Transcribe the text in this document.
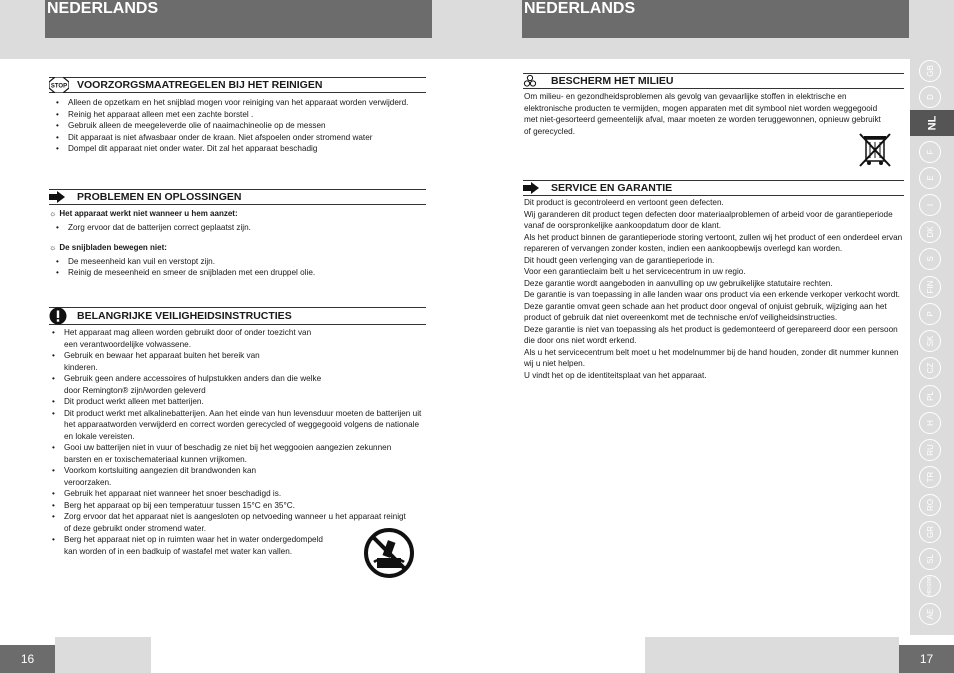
NEDERLANDS
STOP VOORZORGSMAATREGELEN BIJ HET REINIGEN
• Alleen de opzetkam en het snijblad mogen voor reiniging van het apparaat worden verwijderd.
• Reinig het apparaat alleen met een zachte borstel .
• Gebruik alleen de meegeleverde olie of naaimachineolie op de messen
• Dit apparaat is niet afwasbaar onder de kraan. Niet afspoelen onder stromend water
• Dompel dit apparaat niet onder water. Dit zal het apparaat beschadig
PROBLEMEN EN OPLOSSINGEN
☼ Het apparaat werkt niet wanneer u hem aanzet:
• Zorg ervoor dat de batterijen correct geplaatst zijn.
☼ De snijbladen bewegen niet:
• De meseenheid kan vuil en verstopt zijn.
• Reinig de meseenheid en smeer de snijbladen met een druppel olie.
BELANGRIJKE VEILIGHEIDSINSTRUCTIES
• Het apparaat mag alleen worden gebruikt door of onder toezicht van een verantwoordelijke volwassene.
• Gebruik en bewaar het apparaat buiten het bereik van kinderen.
• Gebruik geen andere accessoires of hulpstukken anders dan die welke door Remington® zijn/worden geleverd
• Dit product werkt alleen met batterijen.
• Dit product werkt met alkalinebatterijen. Aan het einde van hun levensduur moeten de batterijen uit het apparaatworden verwijderd en correct worden gerecycled of weggegooid volgens de nationale en lokale vereisten.
• Gooi uw batterijen niet in vuur of beschadig ze niet bij het weggooien aangezien zekunnen barsten en er toxischemateriaal kunnen vrijkomen.
• Voorkom kortsluiting aangezien dit brandwonden kan veroorzaken.
• Gebruik het apparaat niet wanneer het snoer beschadigd is.
• Berg het apparaat op bij een temperatuur tussen 15°C en 35°C.
• Zorg ervoor dat het apparaat niet is aangesloten op netvoeding wanneer u het apparaat reinigt of deze gebruikt onder stromend water.
• Berg het apparaat niet op in ruimten waar het in water ondergedompeld kan worden of in een badkuip of wastafel met water kan vallen.
NEDERLANDS
BESCHERM HET MILIEU
Om milieu- en gezondheidsproblemen als gevolg van gevaarlijke stoffen in elektrische en elektronische producten te vermijden, mogen apparaten met dit symbool niet worden weggegooid met niet-gesorteerd gemeentelijk afval, maar moeten ze worden teruggewonnen, opnieuw gebruikt of gerecycled.
SERVICE EN GARANTIE
Dit product is gecontroleerd en vertoont geen defecten.
Wij garanderen dit product tegen defecten door materiaalproblemen of arbeid voor de garantieperiode vanaf de oorspronkelijke aankoopdatum door de klant.
Als het product binnen de garantieperiode storing vertoont, zullen wij het product of een onderdeel ervan repareren of vervangen zonder kosten, indien een aankoopbewijs overlegd kan worden.
Dit houdt geen verlenging van de garantieperiode in.
Voor een garantieclaim belt u het servicecentrum in uw regio.
Deze garantie wordt aangeboden in aanvulling op uw gebruikelijke statutaire rechten.
De garantie is van toepassing in alle landen waar ons product via een erkende verkoper verkocht wordt.
Deze garantie omvat geen schade aan het product door ongeval of onjuist gebruik, wijziging aan het product of gebruik dat niet overeenkomt met de technische en/of veiligheidsinstructies.
Deze garantie is niet van toepassing als het product is gedemonteerd of gerepareerd door een persoon die door ons niet wordt erkend.
Als u het servicecentrum belt moet u het modelnummer bij de hand houden, zonder dit nummer kunnen wij u niet helpen.
U vindt het op de identiteitsplaat van het apparaat.
GB
D
NL
F
E
I
DK
S
FIN
P
SK
CZ
PL
H
RU
TR
RO
GR
SL
HR/SRB
AE
16	17
